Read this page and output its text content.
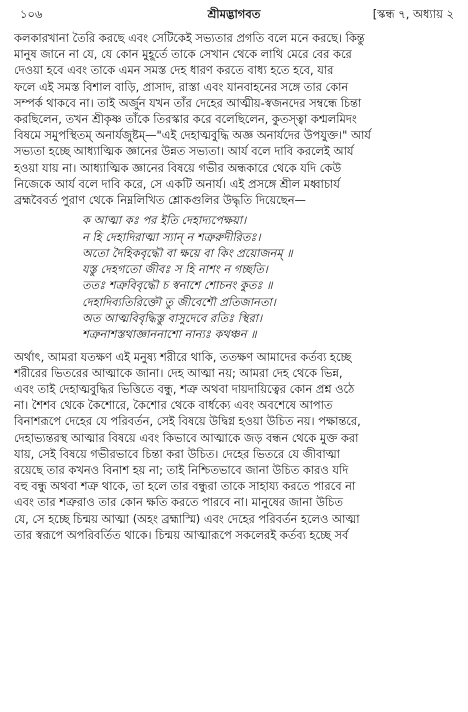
১০৬	শ্রীমদ্ভাগবত	[স্কন্ধ ৭, অধ্যায় ২

কলকারখানা তৈরি করছে এবং সেটিকেই সভ্যতার প্রগতি বলে মনে করছে। কিন্তু
মানুষ জানে না যে, যে কোন মুহূর্তে তাকে সেখান থেকে লাথি মেরে বের করে
দেওয়া হবে এবং তাকে এমন সমস্ত দেহ ধারণ করতে বাধ্য হতে হবে, যার
ফলে এই সমস্ত বিশাল বাড়ি, প্রাসাদ, রাস্তা এবং যানবাহনের সঙ্গে তার কোন
সম্পর্ক থাকবে না। তাই অর্জুন যখন তাঁর দেহের আত্মীয়-স্বজনদের সম্বন্ধে চিন্তা
করছিলেন, তখন শ্রীকৃষ্ণ তাঁকে তিরস্কার করে বলেছিলেন, কুতস্ত্বা কশ্মলমিদং
বিষমে সমুপস্থিতম্ অনার্যজুষ্টম্—"এই দেহাত্মবুদ্ধি অজ্ঞ অনার্যদের উপযুক্ত।" আর্য
সভ্যতা হচ্ছে আধ্যাত্মিক জ্ঞানের উন্নত সভ্যতা। আর্য বলে দাবি করলেই আর্য
হওয়া যায় না। আধ্যাত্মিক জ্ঞানের বিষয়ে গভীর অন্ধকারে থেকে যদি কেউ
নিজেকে আর্য বলে দাবি করে, সে একটি অনার্য। এই প্রসঙ্গে শ্রীল মধ্বাচার্য
ব্রহ্মবৈবর্ত পুরাণ থেকে নিম্নলিখিত শ্লোকগুলির উদ্ধৃতি দিয়েছেন—

ক আত্মা কঃ পর ইতি দেহাদ্যপেক্ষয়া।
ন হি দেহাদিরাত্মা স্যান্ ন শত্রুরুদীরিতঃ।
অতো দৈহিকবৃদ্ধৌ বা ক্ষয়ে বা কিং প্রয়োজনম্ ॥
যস্তু দেহগতো জীবঃ স হি নাশং ন গচ্ছতি।
ততঃ শত্রুবিবৃদ্ধৌ চ স্বনাশে শোচনং কুতঃ ॥
দেহাদিব্যতিরিক্তৌ তু জীবেশৌ প্রতিজানতা।
অত আত্মবিবৃদ্ধিস্তু বাসুদেবে রতিঃ স্থিরা।
শত্রুনাশস্তথাজ্ঞাননাশো নান্যঃ কথঞ্চন ॥

অর্থাৎ, আমরা যতক্ষণ এই মনুষ্য শরীরে থাকি, ততক্ষণ আমাদের কর্তব্য হচ্ছে
শরীরের ভিতরের আত্মাকে জানা। দেহ আত্মা নয়; আমরা দেহ থেকে ভিন্ন,
এবং তাই দেহাত্মবুদ্ধির ভিত্তিতে বন্ধু, শত্রু অথবা দায়দায়িত্বের কোন প্রশ্ন ওঠে
না। শৈশব থেকে কৈশোরে, কৈশোর থেকে বার্ধক্যে এবং অবশেষে আপাত
বিনাশরূপে দেহের যে পরিবর্তন, সেই বিষয়ে উদ্বিগ্ন হওয়া উচিত নয়। পক্ষান্তরে,
দেহাভ্যন্তরস্থ আত্মার বিষয়ে এবং কিভাবে আত্মাকে জড় বন্ধন থেকে মুক্ত করা
যায়, সেই বিষয়ে গভীরভাবে চিন্তা করা উচিত। দেহের ভিতরে যে জীবাত্মা
রয়েছে তার কখনও বিনাশ হয় না; তাই নিশ্চিতভাবে জানা উচিত কারও যদি
বহু বন্ধু অথবা শত্রু থাকে, তা হলে তার বন্ধুরা তাকে সাহায্য করতে পারবে না
এবং তার শত্রুরাও তার কোন ক্ষতি করতে পারবে না। মানুষের জানা উচিত
যে, সে হচ্ছে চিন্ময় আত্মা (অহং ব্রহ্মাস্মি) এবং দেহের পরিবর্তন হলেও আত্মা
তার স্বরূপে অপরিবর্তিত থাকে। চিন্ময় আত্মারূপে সকলেরই কর্তব্য হচ্ছে সর্ব
